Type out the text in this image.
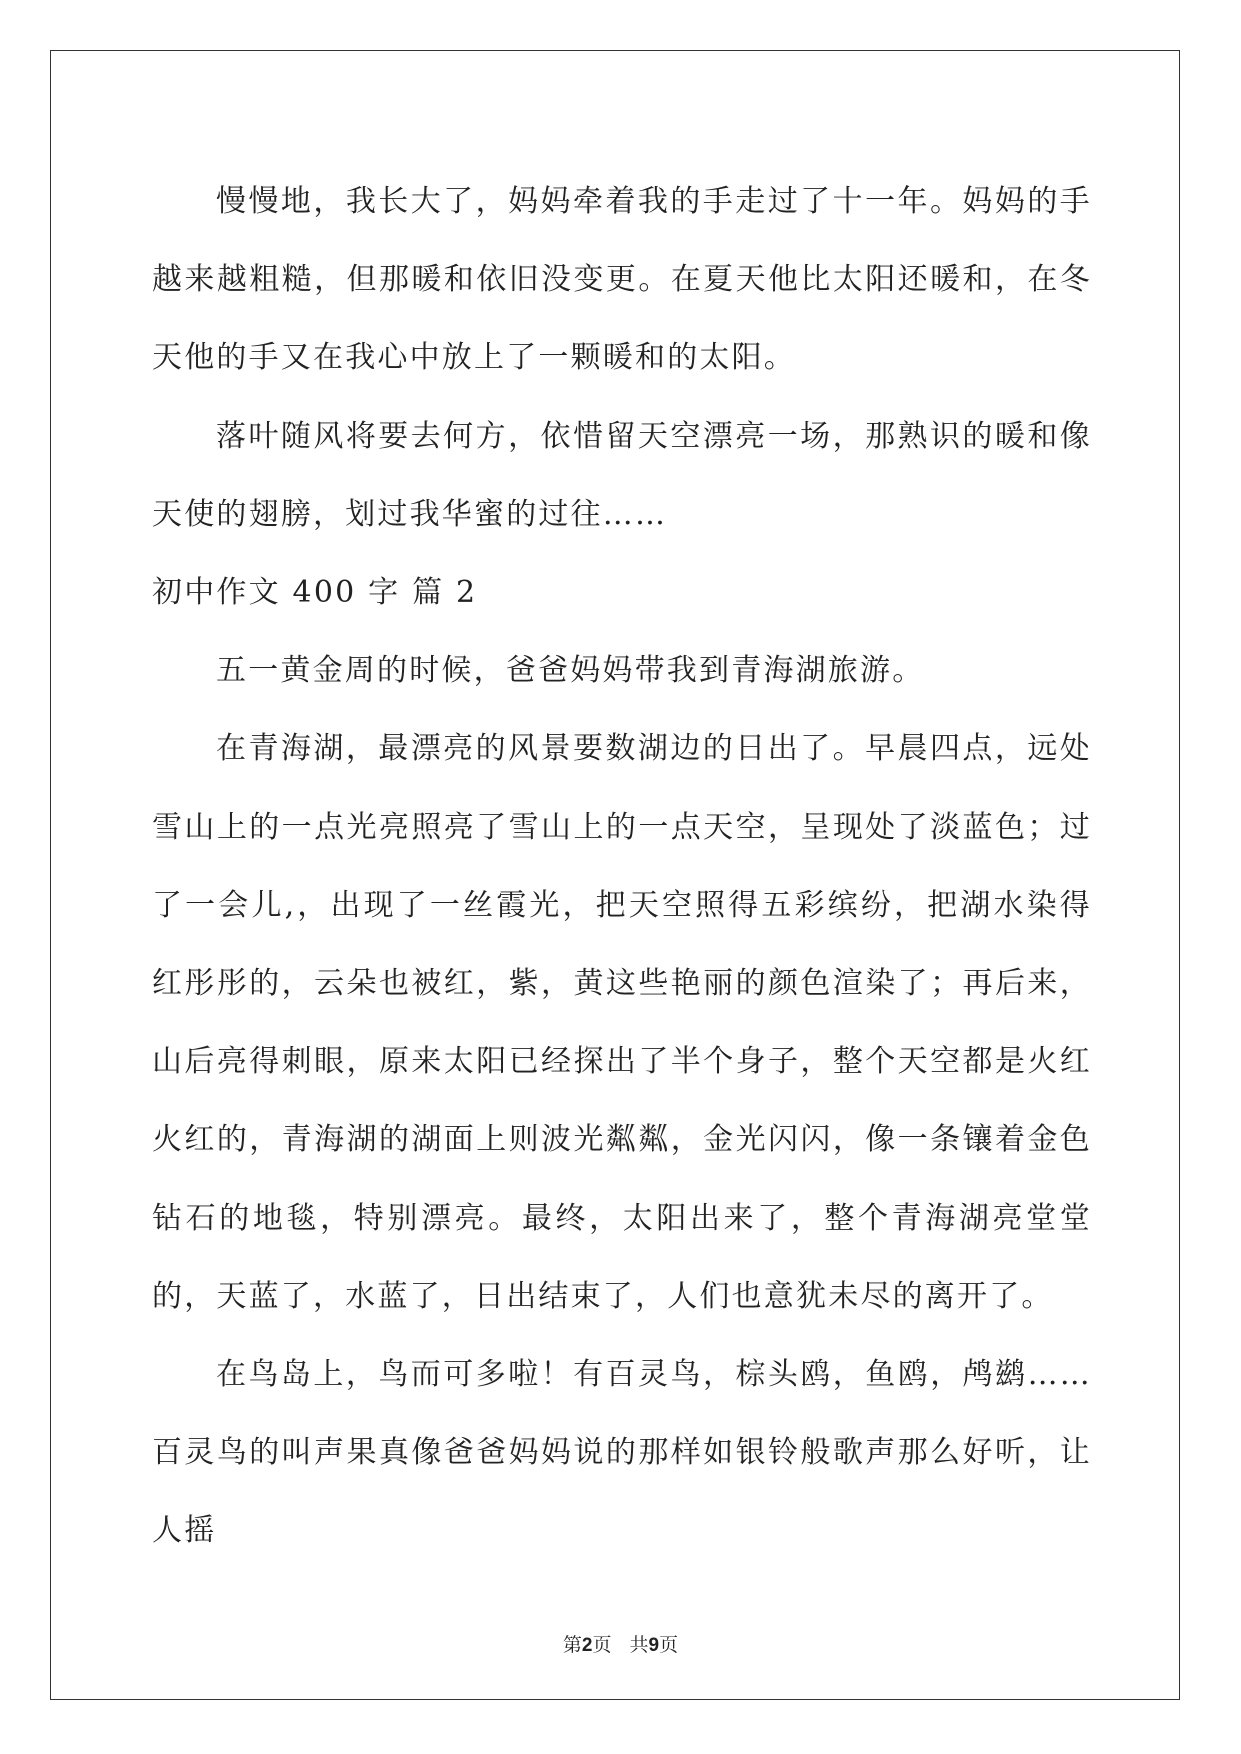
慢慢地，我长大了，妈妈牵着我的手走过了十一年。妈妈的手越来越粗糙，但那暖和依旧没变更。在夏天他比太阳还暖和，在冬天他的手又在我心中放上了一颗暖和的太阳。

落叶随风将要去何方，依惜留天空漂亮一场，那熟识的暖和像天使的翅膀，划过我华蜜的过往……

初中作文 400 字 篇 2

五一黄金周的时候，爸爸妈妈带我到青海湖旅游。

在青海湖，最漂亮的风景要数湖边的日出了。早晨四点，远处雪山上的一点光亮照亮了雪山上的一点天空，呈现处了淡蓝色；过了一会儿,，出现了一丝霞光，把天空照得五彩缤纷，把湖水染得红彤彤的，云朵也被红，紫，黄这些艳丽的颜色渲染了；再后来，山后亮得刺眼，原来太阳已经探出了半个身子，整个天空都是火红火红的，青海湖的湖面上则波光粼粼，金光闪闪，像一条镶着金色钻石的地毯，特别漂亮。最终，太阳出来了，整个青海湖亮堂堂的，天蓝了，水蓝了，日出结束了，人们也意犹未尽的离开了。

在鸟岛上，鸟而可多啦！有百灵鸟，棕头鸥，鱼鸥，鸬鹚……百灵鸟的叫声果真像爸爸妈妈说的那样如银铃般歌声那么好听，让人摇

第2页 共9页
